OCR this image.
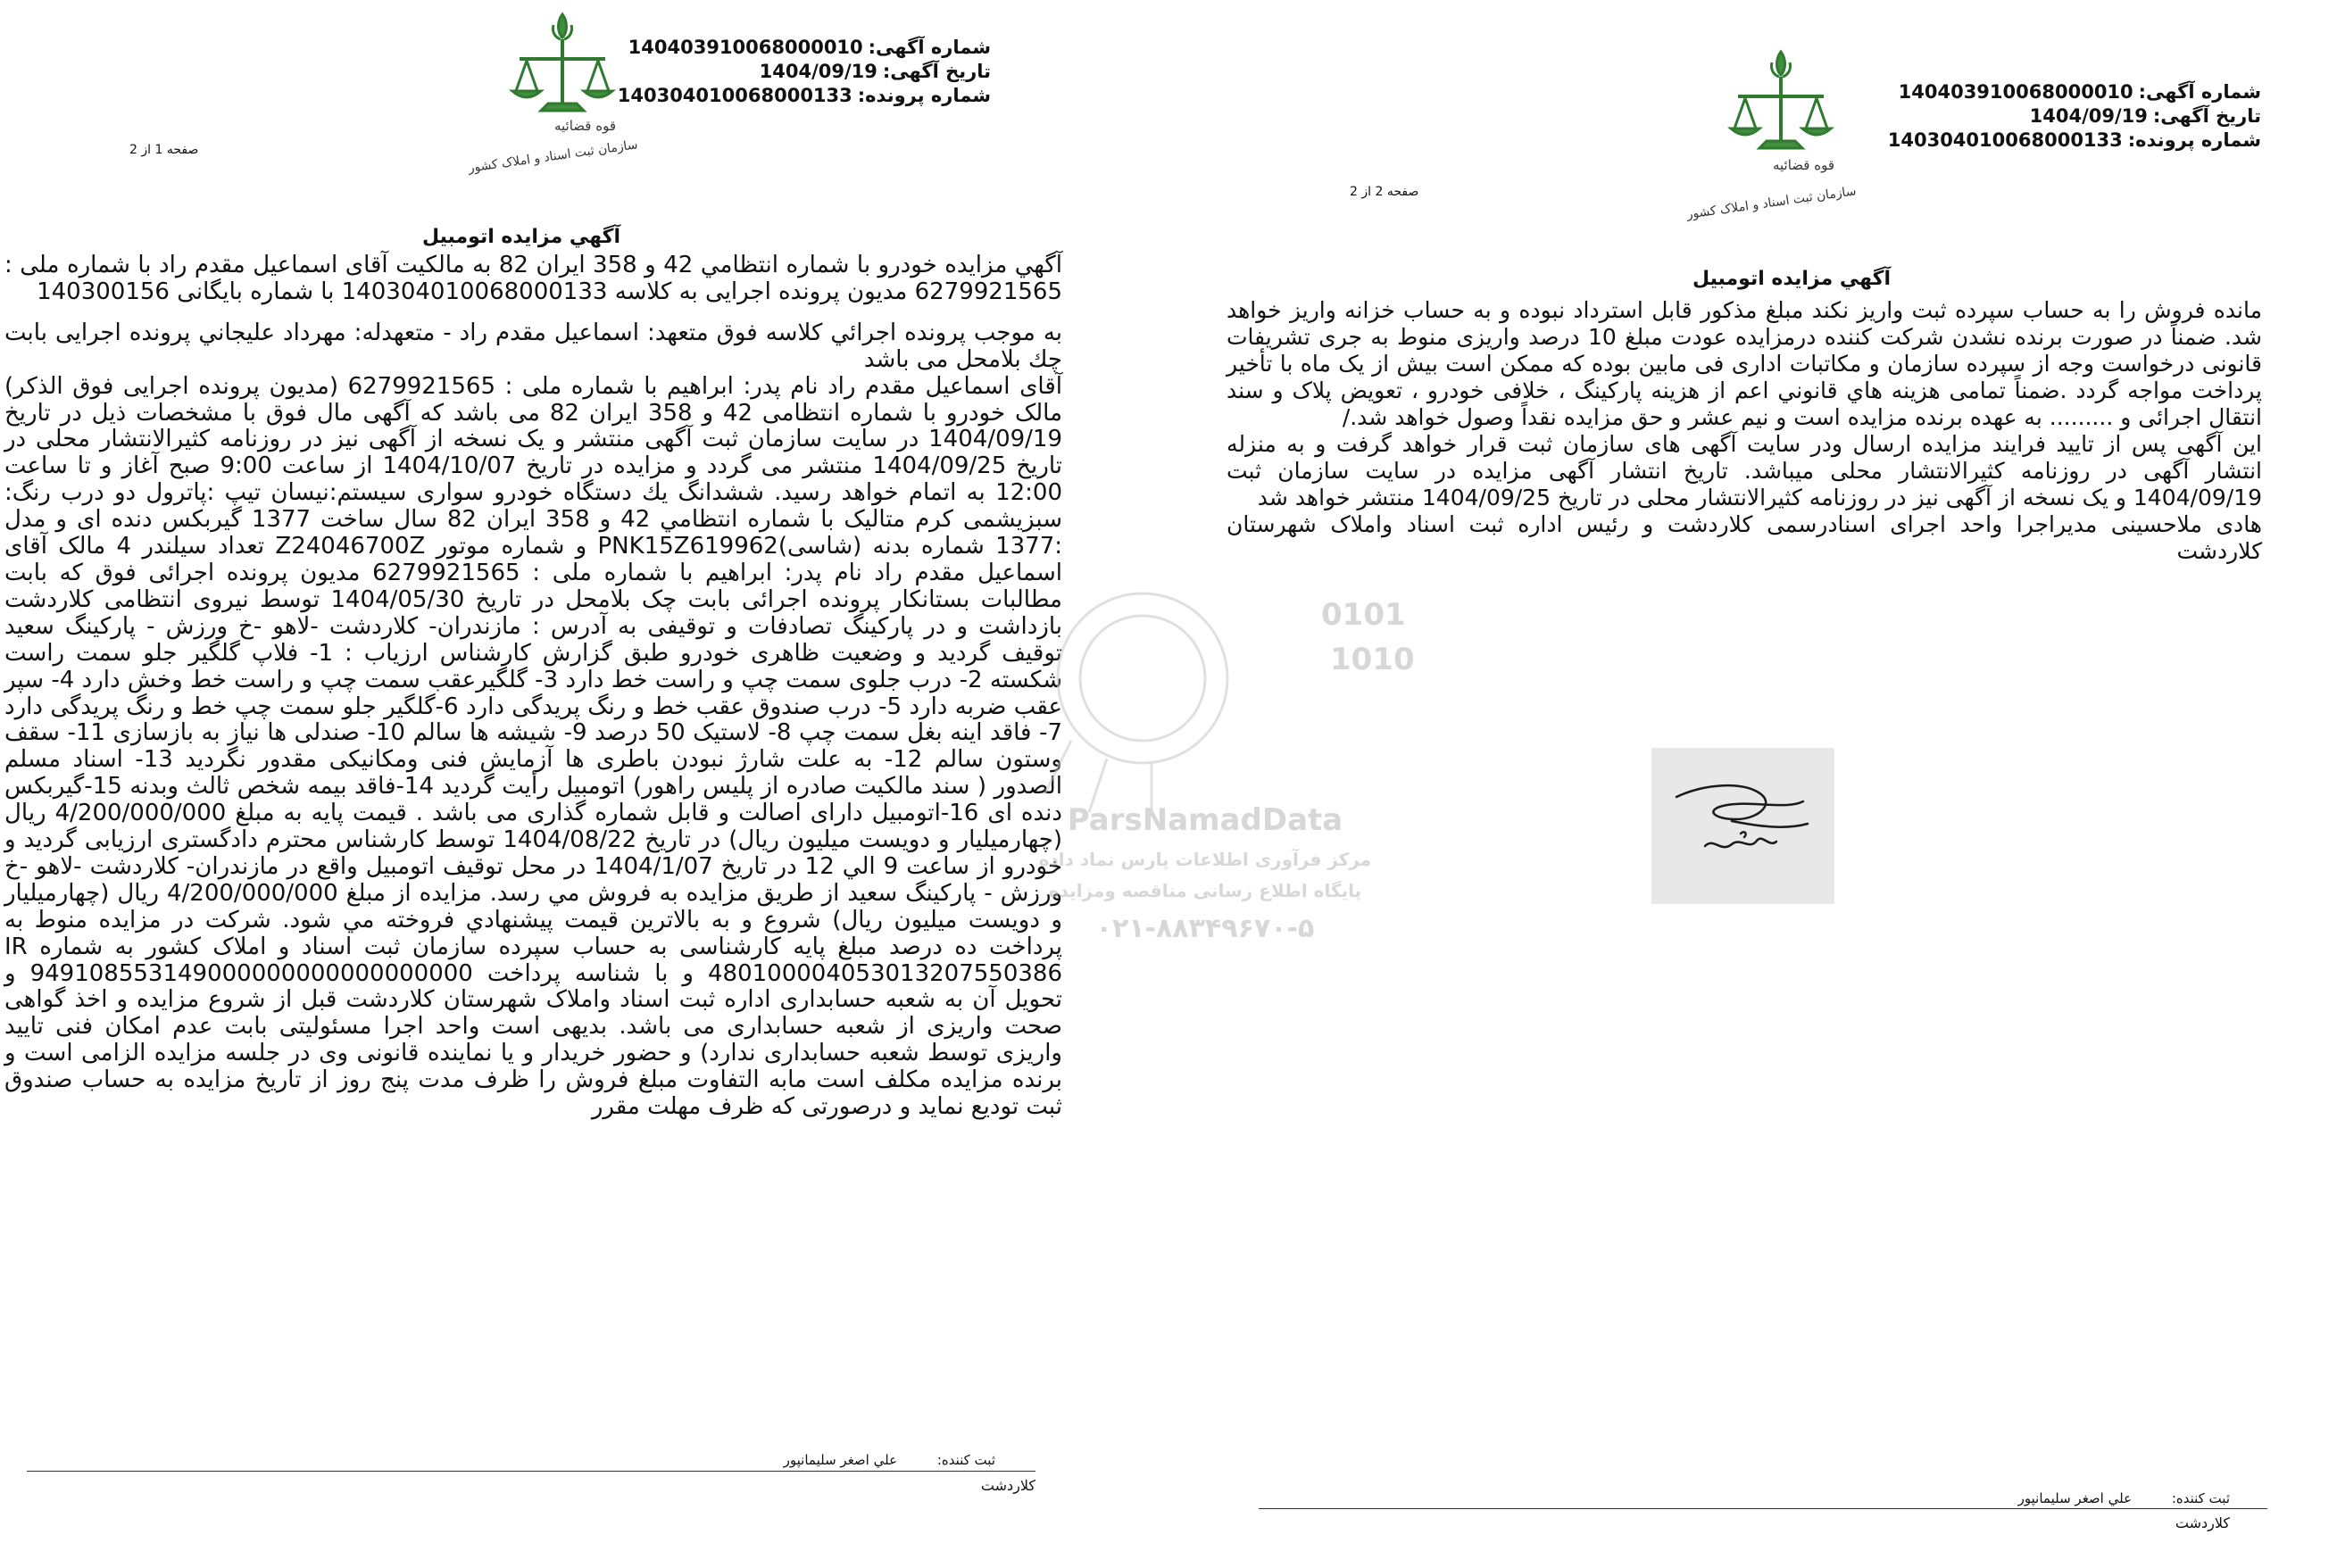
شماره آگهی:140403910068000010
تاریخ آگهی:1404/09/19
شماره پرونده:140304010068000133
قوه قضائیه
سازمان ثبت اسناد و املاک کشور
صفحه 1 از 2
آگهي مزايده اتومبيل

آگهي مزايده خودرو با شماره انتظامي 42 و 358 ایران 82 به مالکیت آقای اسماعیل مقدم راد با شماره ملی : 6279921565 مدیون پرونده اجرایی به کلاسه 140304010068000133 با شماره بایگانی 140300156

به موجب پرونده اجرائي کلاسه فوق متعهد: اسماعیل مقدم راد - متعهدله: مهرداد عليجاني پرونده اجرایی بابت چك بلامحل می باشد

آقای اسماعیل مقدم راد نام پدر: ابراهیم با شماره ملی : 6279921565 (مدیون پرونده اجرایی فوق الذکر) مالک خودرو با شماره انتظامی 42 و 358 ایران 82 می باشد که آگهی مال فوق با مشخصات ذیل در تاریخ 1404/09/19 در سایت سازمان ثبت آگهی منتشر و یک نسخه از آگهی نیز در روزنامه کثیرالانتشار محلی در تاریخ 1404/09/25 منتشر می گردد و مزایده در تاریخ 1404/10/07 از ساعت 9:00 صبح آغاز و تا ساعت 12:00 به اتمام خواهد رسید. ششدانگ یك دستگاه خودرو سواری سیستم:نیسان تیپ :پاترول دو درب رنگ: سبزیشمی کرم متالیک با شماره انتظامي 42 و 358 ایران 82 سال ساخت 1377 گیربکس دنده ای و مدل :1377 شماره بدنه (شاسی)PNK15Z619962 و شماره موتور Z24046700Z تعداد سیلندر 4 مالک آقای اسماعیل مقدم راد نام پدر: ابراهیم با شماره ملی : 6279921565 مدیون پرونده اجرائی فوق که بابت مطالبات بستانکار پرونده اجرائی بابت چک بلامحل در تاریخ 1404/05/30 توسط نیروی انتظامی کلاردشت بازداشت و در پارکینگ تصادفات و توقیفی به آدرس : مازندران- کلاردشت -لاهو -خ ورزش - پارکینگ سعید توقیف گردید و وضعیت ظاهری خودرو طبق گزارش کارشناس ارزیاب : 1- فلاپ گلگیر جلو سمت راست شکسته 2- درب جلوی سمت چپ و راست خط دارد 3- گلگیرعقب سمت چپ و راست خط وخش دارد 4- سپر عقب ضربه دارد 5- درب صندوق عقب خط و رنگ پریدگی دارد 6-گلگیر جلو سمت چپ خط و رنگ پریدگی دارد 7- فاقد اینه بغل سمت چپ 8- لاستیک 50 درصد 9- شیشه ها سالم 10- صندلی ها نیاز به بازسازی 11- سقف وستون سالم 12- به علت شارژ نبودن باطری ها آزمایش فنی ومکانیکی مقدور نگردید 13- اسناد مسلم الصدور ( سند مالکیت صادره از پلیس راهور) اتومبیل رأیت گردید 14-فاقد بیمه شخص ثالث وبدنه 15-گیربکس دنده ای 16-اتومبیل دارای اصالت و قابل شماره گذاری می باشد . قیمت پایه به مبلغ 4/200/000/000 ریال (چهارمیلیار و دویست میلیون ریال) در تاریخ 1404/08/22 توسط کارشناس محترم دادگستری ارزیابی گردید و خودرو از ساعت 9 الي 12 در تاریخ 1404/1/07 در محل توقیف اتومبیل واقع در مازندران- کلاردشت -لاهو -خ ورزش - پارکینگ سعید از طريق مزايده به فروش مي رسد. مزایده از مبلغ 4/200/000/000 ریال (چهارمیلیار و دویست میلیون ریال) شروع و به بالاترين قيمت پيشنهادي فروخته مي شود. شرکت در مزایده منوط به پرداخت ده درصد مبلغ پایه کارشناسی به حساب سپرده سازمان ثبت اسناد و املاک کشور به شماره IR 480100004053013207550386 و با شناسه پرداخت 949108553149000000000000000000 و تحویل آن به شعبه حسابداری اداره ثبت اسناد واملاک شهرستان کلاردشت قبل از شروع مزایده و اخذ گواهی صحت واریزی از شعبه حسابداری می باشد. بدیهی است واحد اجرا مسئولیتی بابت عدم امکان فنی تایید واریزی توسط شعبه حسابداری ندارد) و حضور خریدار و یا نماینده قانونی وی در جلسه مزایده الزامی است و برنده مزایده مکلف است مابه التفاوت مبلغ فروش را ظرف مدت پنج روز از تاریخ مزایده به حساب صندوق ثبت توديع نمايد و درصورتی که ظرف مهلت مقرر

ثبت کننده: علي اصغر سليمانپور
کلاردشت
شماره آگهی:140403910068000010
تاریخ آگهی:1404/09/19
شماره پرونده:140304010068000133
قوه قضائیه
سازمان ثبت اسناد و املاک کشور
صفحه 2 از 2
آگهي مزايده اتومبيل

مانده فروش را به حساب سپرده ثبت واریز نکند مبلغ مذکور قابل استرداد نبوده و به حساب خزانه واریز خواهد شد. ضمناً در صورت برنده نشدن شرکت کننده درمزایده عودت مبلغ 10 درصد واریزی منوط به جری تشریفات قانونی درخواست وجه از سپرده سازمان و مکاتبات اداری فی مابین بوده که ممکن است بیش از یک ماه با تأخیر پرداخت مواجه گردد .ضمناً تمامی هزينه هاي قانوني اعم از هزینه پارکینگ ، خلافی خودرو ، تعویض پلاک و سند انتقال اجرائی و ......... به عهده برنده مزایده است و نیم عشر و حق مزایده نقداً وصول خواهد شد./

این آگهی پس از تایید فرایند مزایده ارسال ودر سایت آگهی های سازمان ثبت قرار خواهد گرفت و به منزله انتشار آگهی در روزنامه کثیرالانتشار محلی میباشد. تاریخ انتشار آگهی مزایده در سایت سازمان ثبت 1404/09/19 و یک نسخه از آگهی نیز در روزنامه کثیرالانتشار محلی در تاریخ 1404/09/25 منتشر خواهد شد

هادی ملاحسینی مدیراجرا واحد اجرای اسنادرسمی کلاردشت و رئیس اداره ثبت اسناد واملاک شهرستان کلاردشت

ثبت کننده: علي اصغر سليمانپور
کلاردشت
0101
1010
ParsNamadData
مرکز فرآوری اطلاعات پارس نماد داده
پایگاه اطلاع رسانی مناقصه ومزایده
۰۲۱-۸۸۳۴۹۶۷۰-۵
